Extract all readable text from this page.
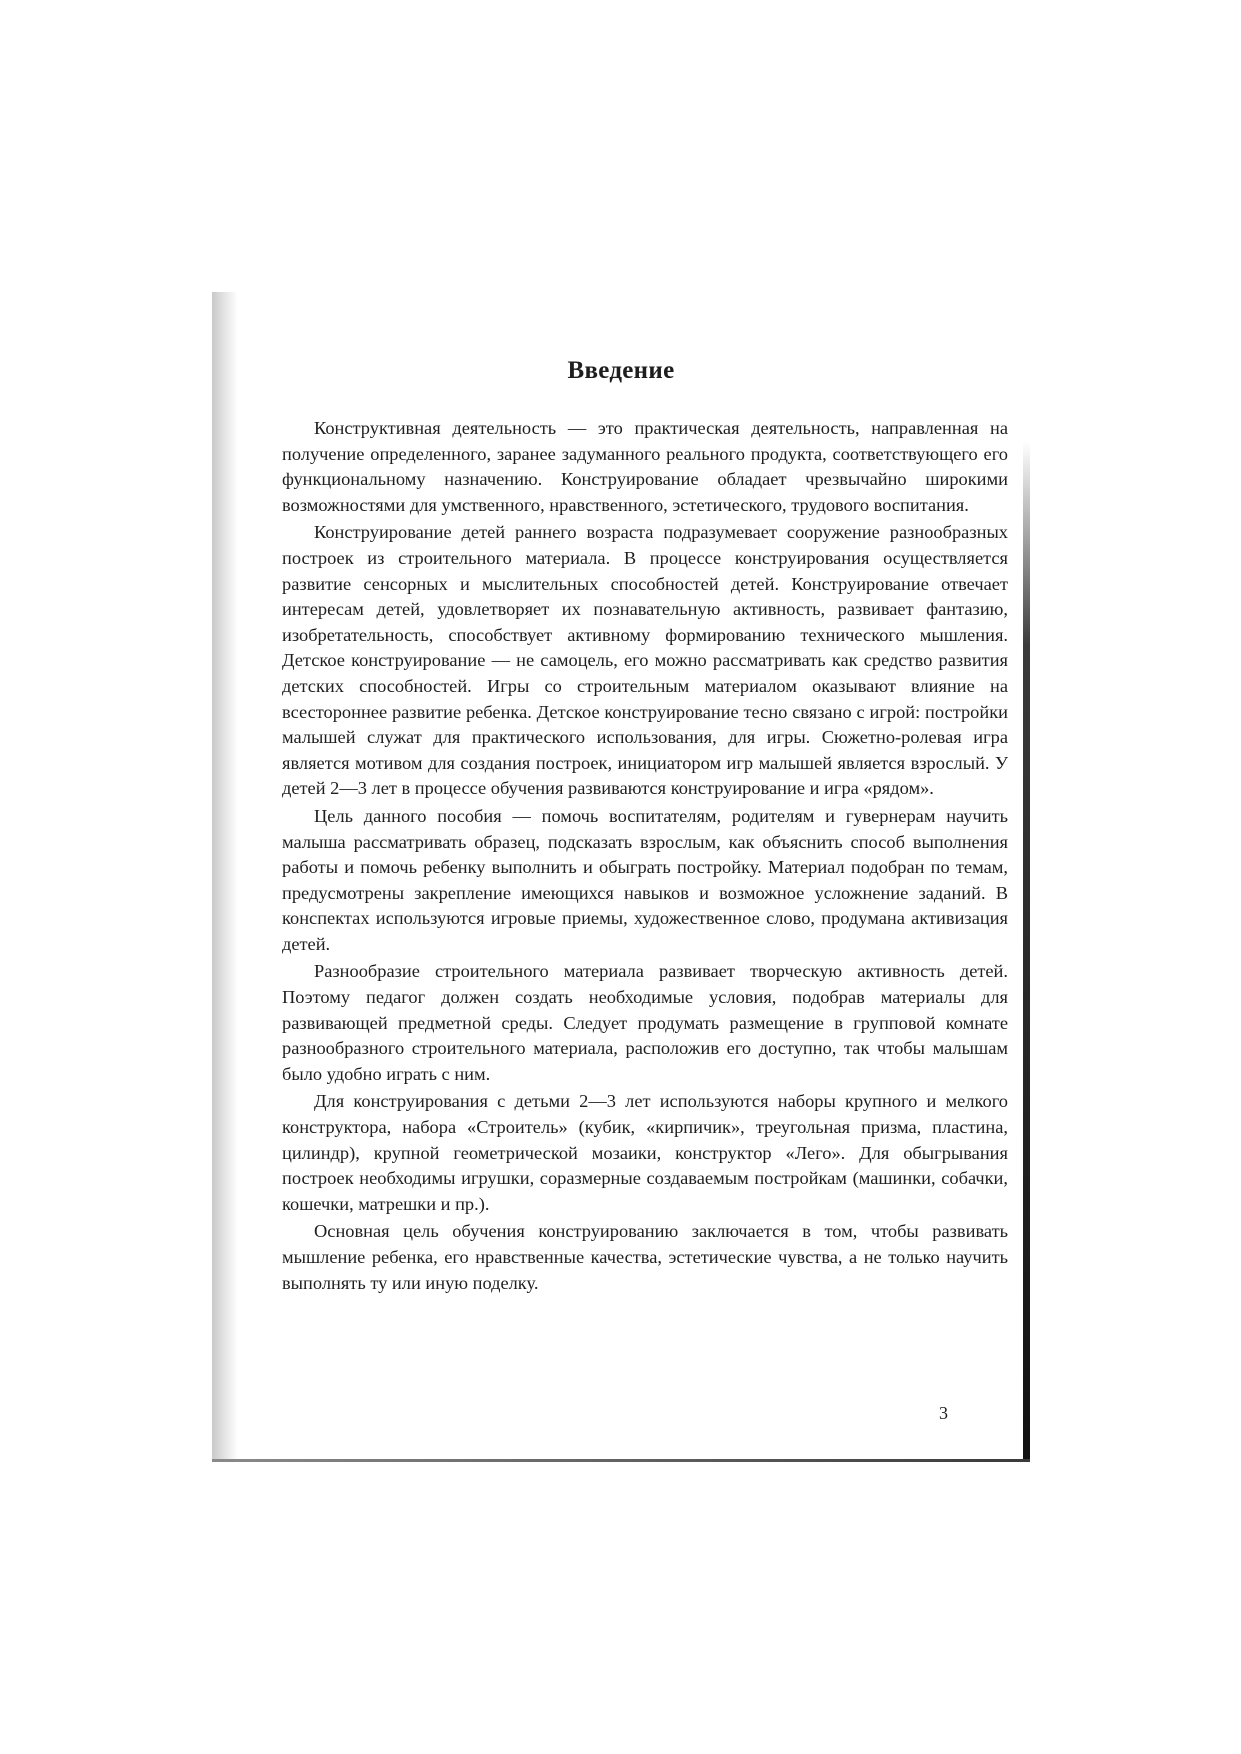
Введение

Конструктивная деятельность — это практическая деятельность, направленная на получение определенного, заранее задуманного реального продукта, соответствующего его функциональному назначению. Конструирование обладает чрезвычайно широкими возможностями для умственного, нравственного, эстетического, трудового воспитания.

Конструирование детей раннего возраста подразумевает сооружение разнообразных построек из строительного материала. В процессе конструирования осуществляется развитие сенсорных и мыслительных способностей детей. Конструирование отвечает интересам детей, удовлетворяет их познавательную активность, развивает фантазию, изобретательность, способствует активному формированию технического мышления. Детское конструирование — не самоцель, его можно рассматривать как средство развития детских способностей. Игры со строительным материалом оказывают влияние на всестороннее развитие ребенка. Детское конструирование тесно связано с игрой: постройки малышей служат для практического использования, для игры. Сюжетно-ролевая игра является мотивом для создания построек, инициатором игр малышей является взрослый. У детей 2—3 лет в процессе обучения развиваются конструирование и игра «рядом».

Цель данного пособия — помочь воспитателям, родителям и гувернерам научить малыша рассматривать образец, подсказать взрослым, как объяснить способ выполнения работы и помочь ребенку выполнить и обыграть постройку. Материал подобран по темам, предусмотрены закрепление имеющихся навыков и возможное усложнение заданий. В конспектах используются игровые приемы, художественное слово, продумана активизация детей.

Разнообразие строительного материала развивает творческую активность детей. Поэтому педагог должен создать необходимые условия, подобрав материалы для развивающей предметной среды. Следует продумать размещение в групповой комнате разнообразного строительного материала, расположив его доступно, так чтобы малышам было удобно играть с ним.

Для конструирования с детьми 2—3 лет используются наборы крупного и мелкого конструктора, набора «Строитель» (кубик, «кирпичик», треугольная призма, пластина, цилиндр), крупной геометрической мозаики, конструктор «Лего». Для обыгрывания построек необходимы игрушки, соразмерные создаваемым постройкам (машинки, собачки, кошечки, матрешки и пр.).

Основная цель обучения конструированию заключается в том, чтобы развивать мышление ребенка, его нравственные качества, эстетические чувства, а не только научить выполнять ту или иную поделку.

3
